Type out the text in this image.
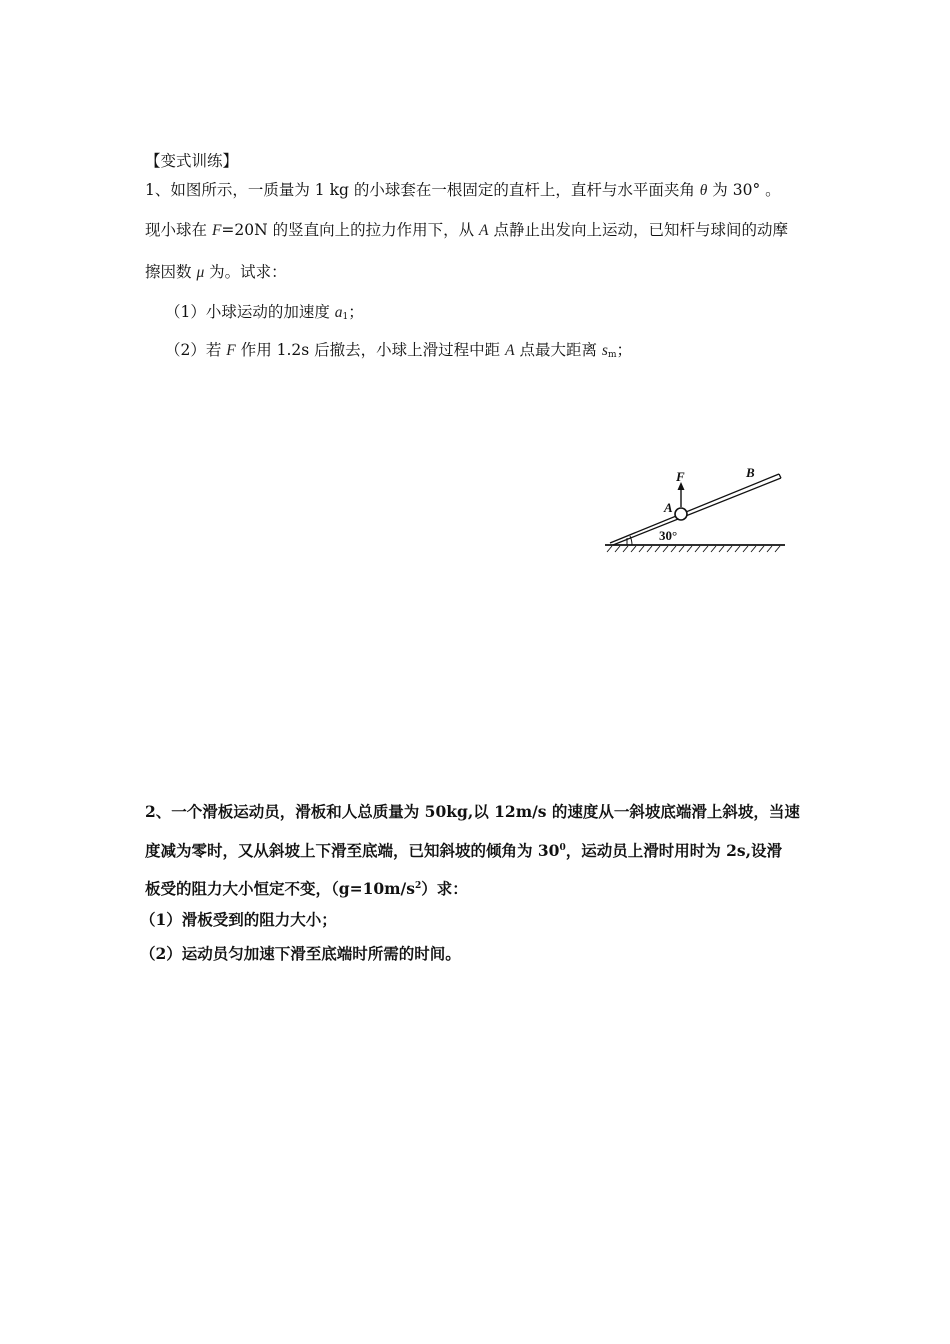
【变式训练】
1、如图所示，一质量为 1 kg 的小球套在一根固定的直杆上，直杆与水平面夹角 θ 为 30° 。
现小球在 F=20N 的竖直向上的拉力作用下，从 A 点静止出发向上运动，已知杆与球间的动摩
擦因数 μ 为。试求：
（1）小球运动的加速度 $a_1$；
（2）若 F 作用 1.2s 后撤去，小球上滑过程中距 A 点最大距离 $s_m$；
F
A
B
30°
2、一个滑板运动员，滑板和人总质量为 50kg,以 12m/s 的速度从一斜坡底端滑上斜坡，当速
度减为零时，又从斜坡上下滑至底端，已知斜坡的倾角为 $30^0$，运动员上滑时用时为 2s,设滑
板受的阻力大小恒定不变，$(g=10m/s^2)$求：
（1）滑板受到的阻力大小；
（2）运动员匀加速下滑至底端时所需的时间。
